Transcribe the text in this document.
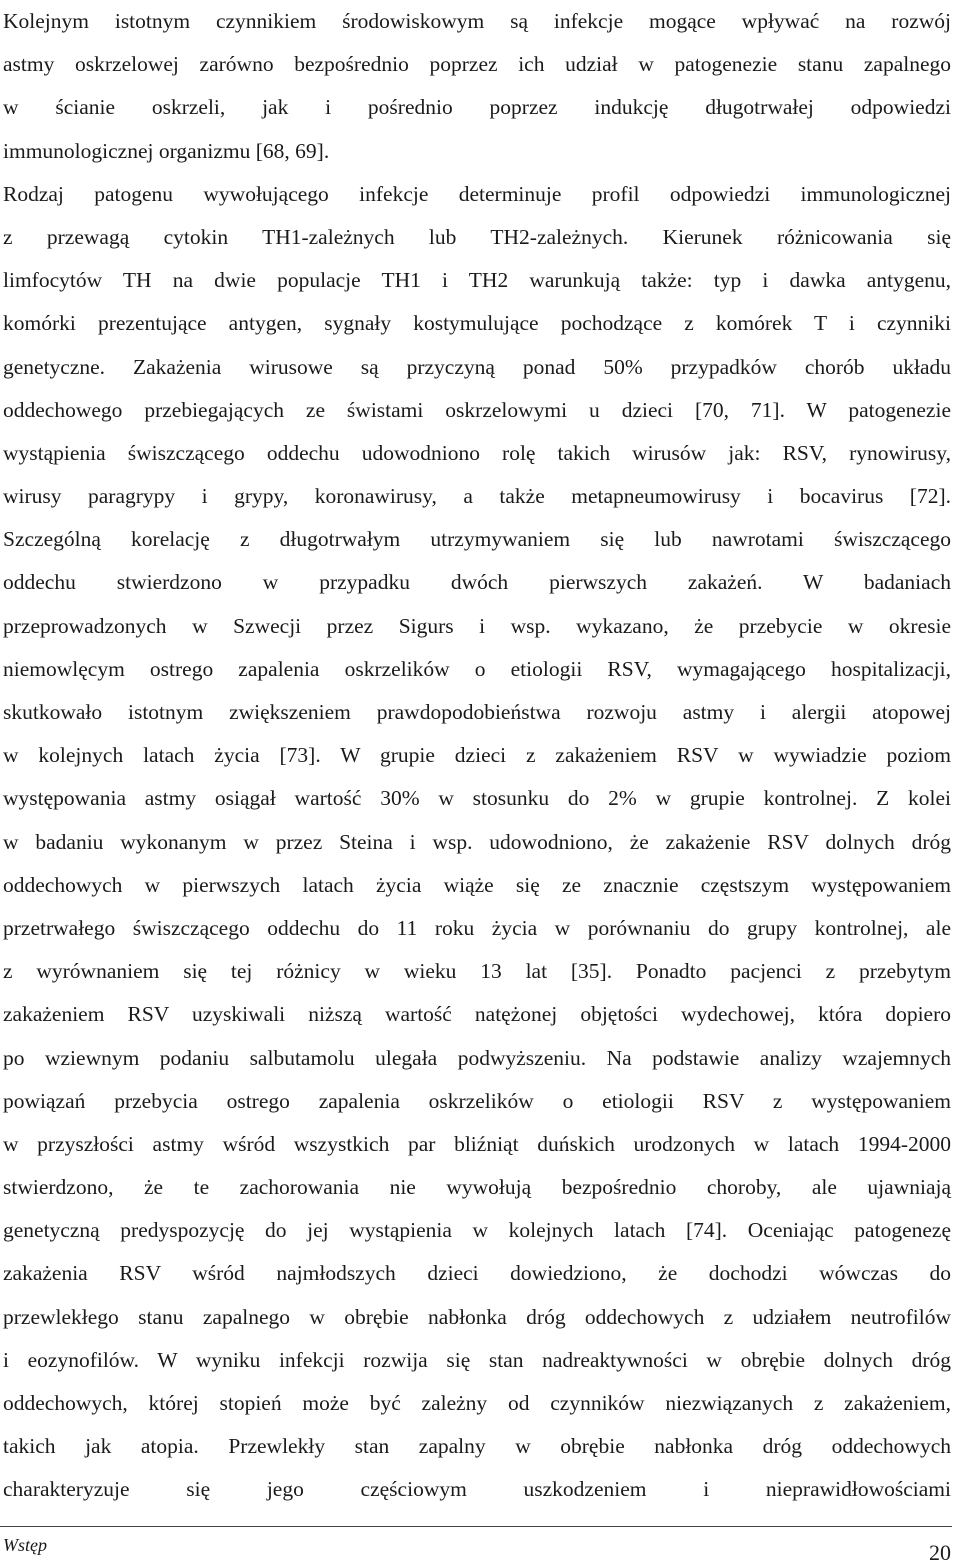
Kolejnym istotnym czynnikiem środowiskowym są infekcje mogące wpływać na rozwój
astmy oskrzelowej zarówno bezpośrednio poprzez ich udział w patogenezie stanu zapalnego
w ścianie oskrzeli, jak i pośrednio poprzez indukcję długotrwałej odpowiedzi
immunologicznej organizmu [68, 69].
Rodzaj patogenu wywołującego infekcje determinuje profil odpowiedzi immunologicznej
z przewagą cytokin TH1-zależnych lub TH2-zależnych. Kierunek różnicowania się
limfocytów TH na dwie populacje TH1 i TH2 warunkują także: typ i dawka antygenu,
komórki prezentujące antygen, sygnały kostymulujące pochodzące z komórek T i czynniki
genetyczne. Zakażenia wirusowe są przyczyną ponad 50% przypadków chorób układu
oddechowego przebiegających ze świstami oskrzelowymi u dzieci [70, 71]. W patogenezie
wystąpienia świszczącego oddechu udowodniono rolę takich wirusów jak: RSV, rynowirusy,
wirusy paragrypy i grypy, koronawirusy, a także metapneumowirusy i bocavirus [72].
Szczególną korelację z długotrwałym utrzymywaniem się lub nawrotami świszczącego
oddechu stwierdzono w przypadku dwóch pierwszych zakażeń. W badaniach
przeprowadzonych w Szwecji przez Sigurs i wsp. wykazano, że przebycie w okresie
niemowlęcym ostrego zapalenia oskrzelików o etiologii RSV, wymagającego hospitalizacji,
skutkowało istotnym zwiększeniem prawdopodobieństwa rozwoju astmy i alergii atopowej
w kolejnych latach życia [73]. W grupie dzieci z zakażeniem RSV w wywiadzie poziom
występowania astmy osiągał wartość 30% w stosunku do 2% w grupie kontrolnej. Z kolei
w badaniu wykonanym w przez Steina i wsp. udowodniono, że zakażenie RSV dolnych dróg
oddechowych w pierwszych latach życia wiąże się ze znacznie częstszym występowaniem
przetrwałego świszczącego oddechu do 11 roku życia w porównaniu do grupy kontrolnej, ale
z wyrównaniem się tej różnicy w wieku 13 lat [35]. Ponadto pacjenci z przebytym
zakażeniem RSV uzyskiwali niższą wartość natężonej objętości wydechowej, która dopiero
po wziewnym podaniu salbutamolu ulegała podwyższeniu. Na podstawie analizy wzajemnych
powiązań przebycia ostrego zapalenia oskrzelików o etiologii RSV z występowaniem
w przyszłości astmy wśród wszystkich par bliźniąt duńskich urodzonych w latach 1994-2000
stwierdzono, że te zachorowania nie wywołują bezpośrednio choroby, ale ujawniają
genetyczną predyspozycję do jej wystąpienia w kolejnych latach [74]. Oceniając patogenezę
zakażenia RSV wśród najmłodszych dzieci dowiedziono, że dochodzi wówczas do
przewlekłego stanu zapalnego w obrębie nabłonka dróg oddechowych z udziałem neutrofilów
i eozynofilów. W wyniku infekcji rozwija się stan nadreaktywności w obrębie dolnych dróg
oddechowych, której stopień może być zależny od czynników niezwiązanych z zakażeniem,
takich jak atopia. Przewlekły stan zapalny w obrębie nabłonka dróg oddechowych
charakteryzuje się jego częściowym uszkodzeniem i nieprawidłowościami
Wstęp	20
